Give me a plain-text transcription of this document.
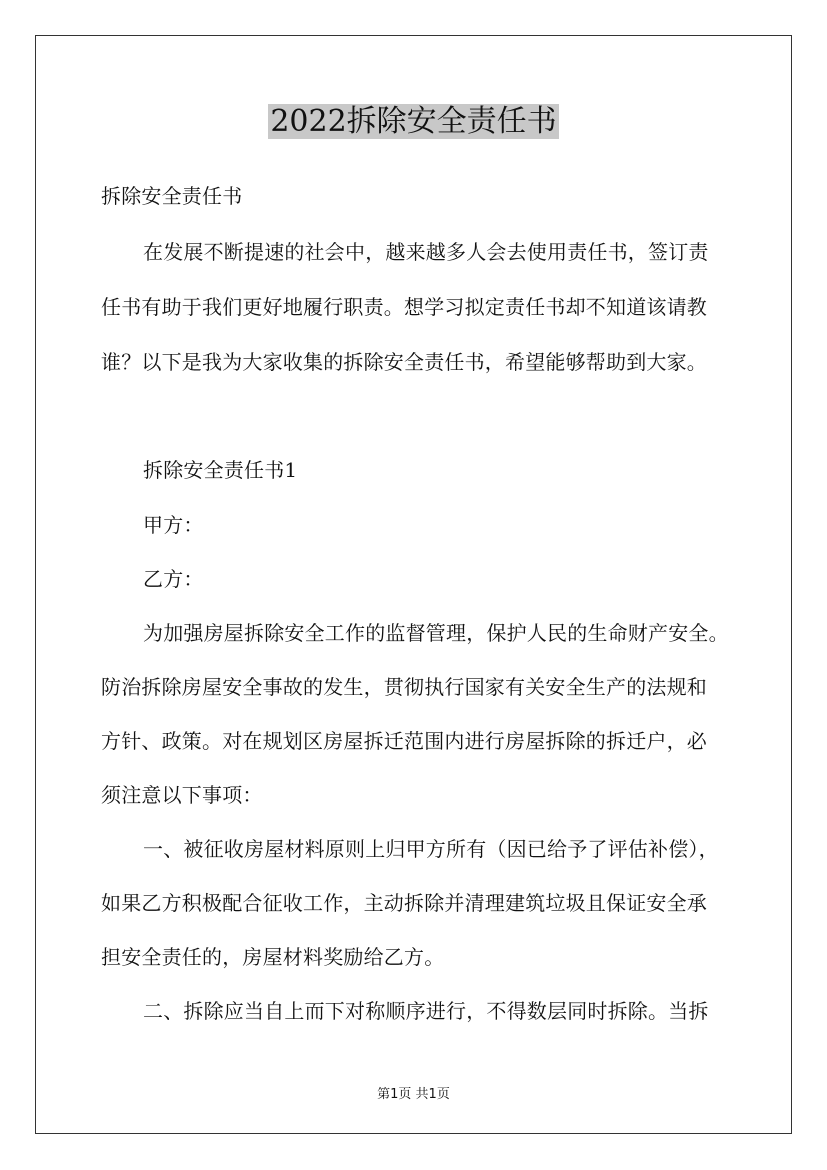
2022拆除安全责任书
拆除安全责任书
在发展不断提速的社会中，越来越多人会去使用责任书，签订责
任书有助于我们更好地履行职责。想学习拟定责任书却不知道该请教
谁？以下是我为大家收集的拆除安全责任书，希望能够帮助到大家。
拆除安全责任书1
甲方：
乙方：
为加强房屋拆除安全工作的监督管理，保护人民的生命财产安全。
防治拆除房屋安全事故的发生，贯彻执行国家有关安全生产的法规和
方针、政策。对在规划区房屋拆迁范围内进行房屋拆除的拆迁户，必
须注意以下事项：
一、被征收房屋材料原则上归甲方所有（因已给予了评估补偿），
如果乙方积极配合征收工作，主动拆除并清理建筑垃圾且保证安全承
担安全责任的，房屋材料奖励给乙方。
二、拆除应当自上而下对称顺序进行，不得数层同时拆除。当拆
第1页 共1页
